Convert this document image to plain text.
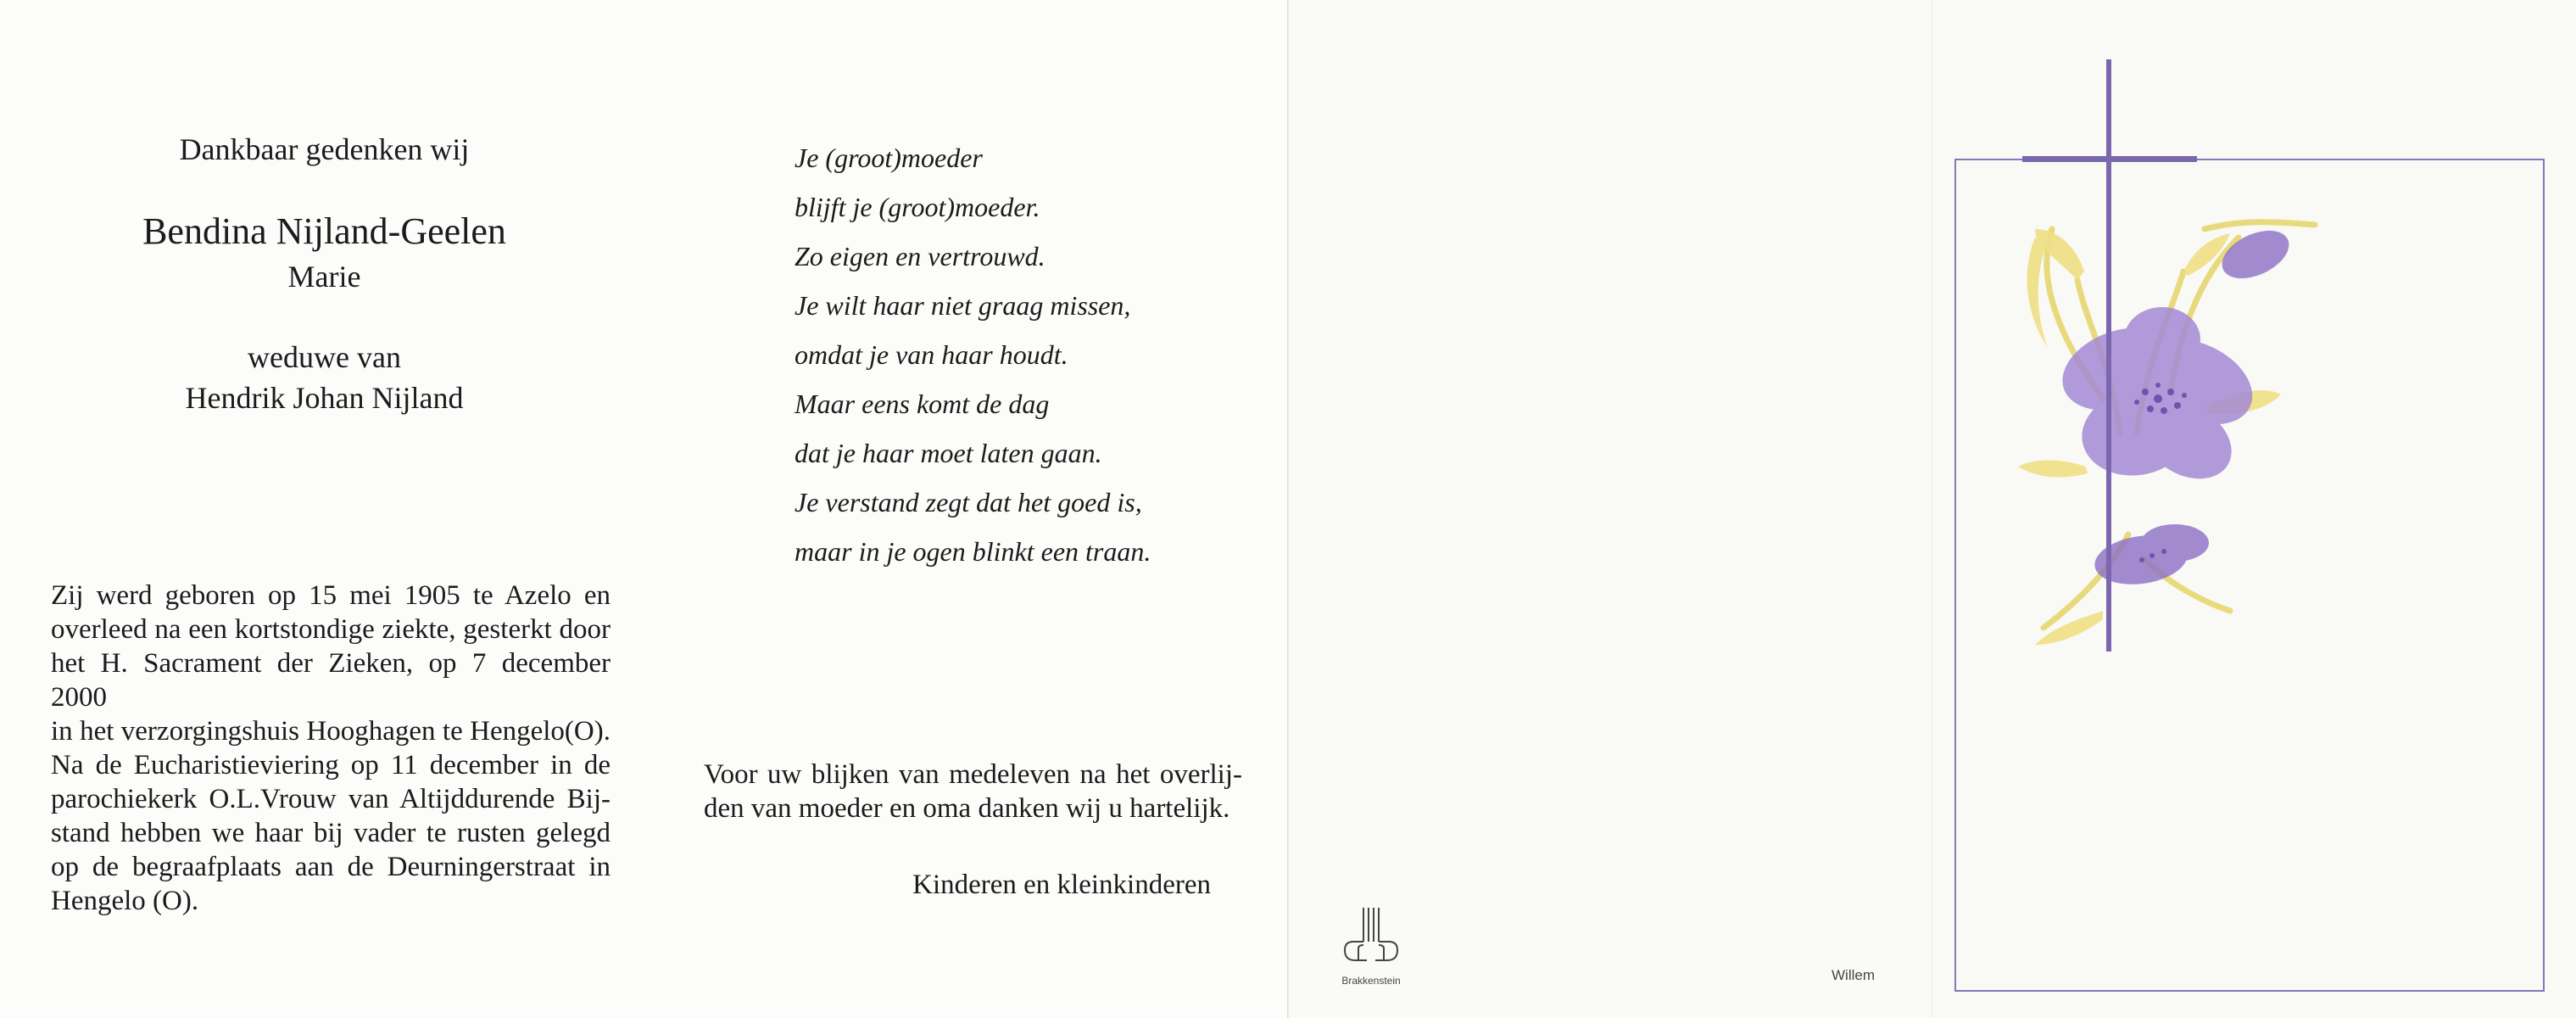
Dankbaar gedenken wij
Bendina Nijland-Geelen
Marie
weduwe van
Hendrik Johan Nijland
Zij werd geboren op 15 mei 1905 te Azelo en
overleed na een kortstondige ziekte, gesterkt door
het H. Sacrament der Zieken, op 7 december 2000
in het verzorgingshuis Hooghagen te Hengelo(O).
Na de Eucharistieviering op 11 december in de
parochiekerk O.L.Vrouw van Altijddurende Bij-
stand hebben we haar bij vader te rusten gelegd
op de begraafplaats aan de Deurningerstraat in
Hengelo (O).
Je (groot)moeder
blijft je (groot)moeder.
Zo eigen en vertrouwd.
Je wilt haar niet graag missen,
omdat je van haar houdt.
Maar eens komt de dag
dat je haar moet laten gaan.
Je verstand zegt dat het goed is,
maar in je ogen blinkt een traan.
Voor uw blijken van medeleven na het overlij-
den van moeder en oma danken wij u hartelijk.
Kinderen en kleinkinderen
Brakkenstein	Willem
